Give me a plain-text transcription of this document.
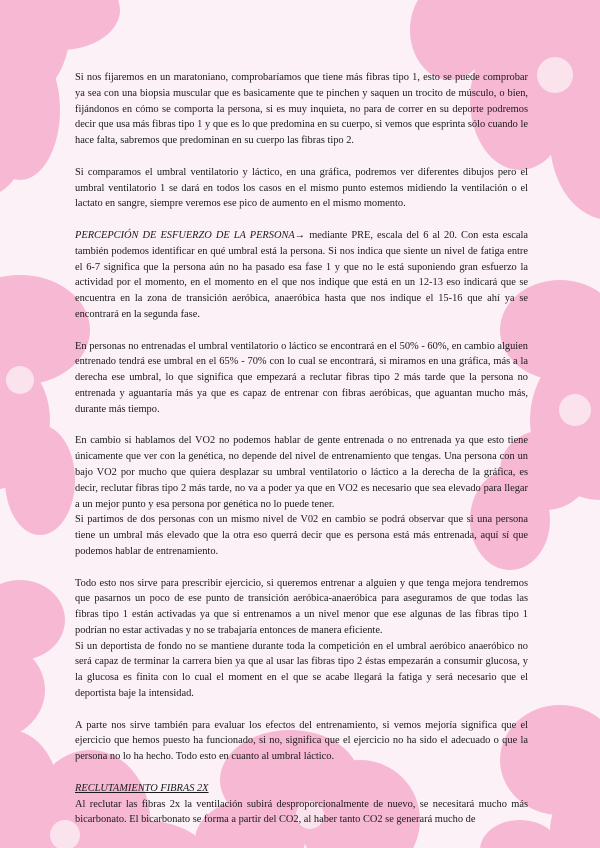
Si nos fijaremos en un maratoniano, comprobaríamos que tiene más fibras tipo 1, esto se puede comprobar ya sea con una biopsia muscular que es basicamente que te pinchen y saquen un trocito de músculo, o bien, fijándonos en cómo se comporta la persona, si es muy inquieta, no para de correr en su deporte podremos decir que usa más fibras tipo 1 y que es lo que predomina en su cuerpo, si vemos que esprinta sólo cuando le hace falta, sabremos que predominan en su cuerpo las fibras tipo 2.

Si comparamos el umbral ventilatorio y láctico, en una gráfica, podremos ver diferentes dibujos pero el umbral ventilatorio 1 se dará en todos los casos en el mismo punto estemos midiendo la ventilación o el lactato en sangre, siempre veremos ese pico de aumento en el mismo momento.

PERCEPCIÓN DE ESFUERZO DE LA PERSONA→ mediante PRE, escala del 6 al 20. Con esta escala también podemos identificar en qué umbral está la persona. Si nos indica que siente un nivel de fatiga entre el 6-7 significa que la persona aún no ha pasado esa fase 1 y que no le está suponiendo gran esfuerzo la actividad por el momento, en el momento en el que nos indique que está en un 12-13 eso indicará que se encuentra en la zona de transición aeróbica, anaeróbica hasta que nos indique el 15-16 que ahí ya se encontrará en la segunda fase.

En personas no entrenadas el umbral ventilatorio o láctico se encontrará en el 50% - 60%, en cambio alguien entrenado tendrá ese umbral en el 65% - 70% con lo cual se encontrará, si miramos en una gráfica, más a la derecha ese umbral, lo que significa que empezará a reclutar fibras tipo 2 más tarde que la persona no entrenada y aguantaría más ya que es capaz de entrenar con fibras aeróbicas, que aguantan mucho más, durante más tiempo.

En cambio si hablamos del VO2 no podemos hablar de gente entrenada o no entrenada ya que esto tiene únicamente que ver con la genética, no depende del nivel de entrenamiento que tengas. Una persona con un bajo VO2 por mucho que quiera desplazar su umbral ventilatorio o láctico a la derecha de la gráfica, es decir, reclutar fibras tipo 2 más tarde, no va a poder ya que en VO2 es necesario que sea elevado para llegar a un mejor punto y esa persona por genética no lo puede tener.

Si partimos de dos personas con un mismo nivel de V02 en cambio se podrá observar que si una persona tiene un umbral más elevado que la otra eso querrá decir que es persona está más entrenada, aquí sí que podemos hablar de entrenamiento.

Todo esto nos sirve para prescribir ejercicio, si queremos entrenar a alguien y que tenga mejora tendremos que pasarnos un poco de ese punto de transición aeróbica-anaeróbica para aseguramos de que todas las fibras tipo 1 están activadas ya que si entrenamos a un nivel menor que ese algunas de las fibras tipo 1 podrían no estar activadas y no se trabajaría entonces de manera eficiente.

Si un deportista de fondo no se mantiene durante toda la competición en el umbral aeróbico anaeróbico no será capaz de terminar la carrera bien ya que al usar las fibras tipo 2 éstas empezarán a consumir glucosa, y la glucosa es finita con lo cual el moment en el que se acabe llegará la fatiga y será necesario que el deportista baje la intensidad.

A parte nos sirve también para evaluar los efectos del entrenamiento, si vemos mejoría significa que el ejercicio que hemos puesto ha funcionado, si no, significa que el ejercicio no ha sido el adecuado o que la persona no lo ha hecho. Todo esto en cuanto al umbral láctico.

RECLUTAMIENTO FIBRAS 2X

Al reclutar las fibras 2x la ventilación subirá desproporcionalmente de nuevo, se necesitará mucho más bicarbonato. El bicarbonato se forma a partir del CO2, al haber tanto CO2 se generará mucho de
